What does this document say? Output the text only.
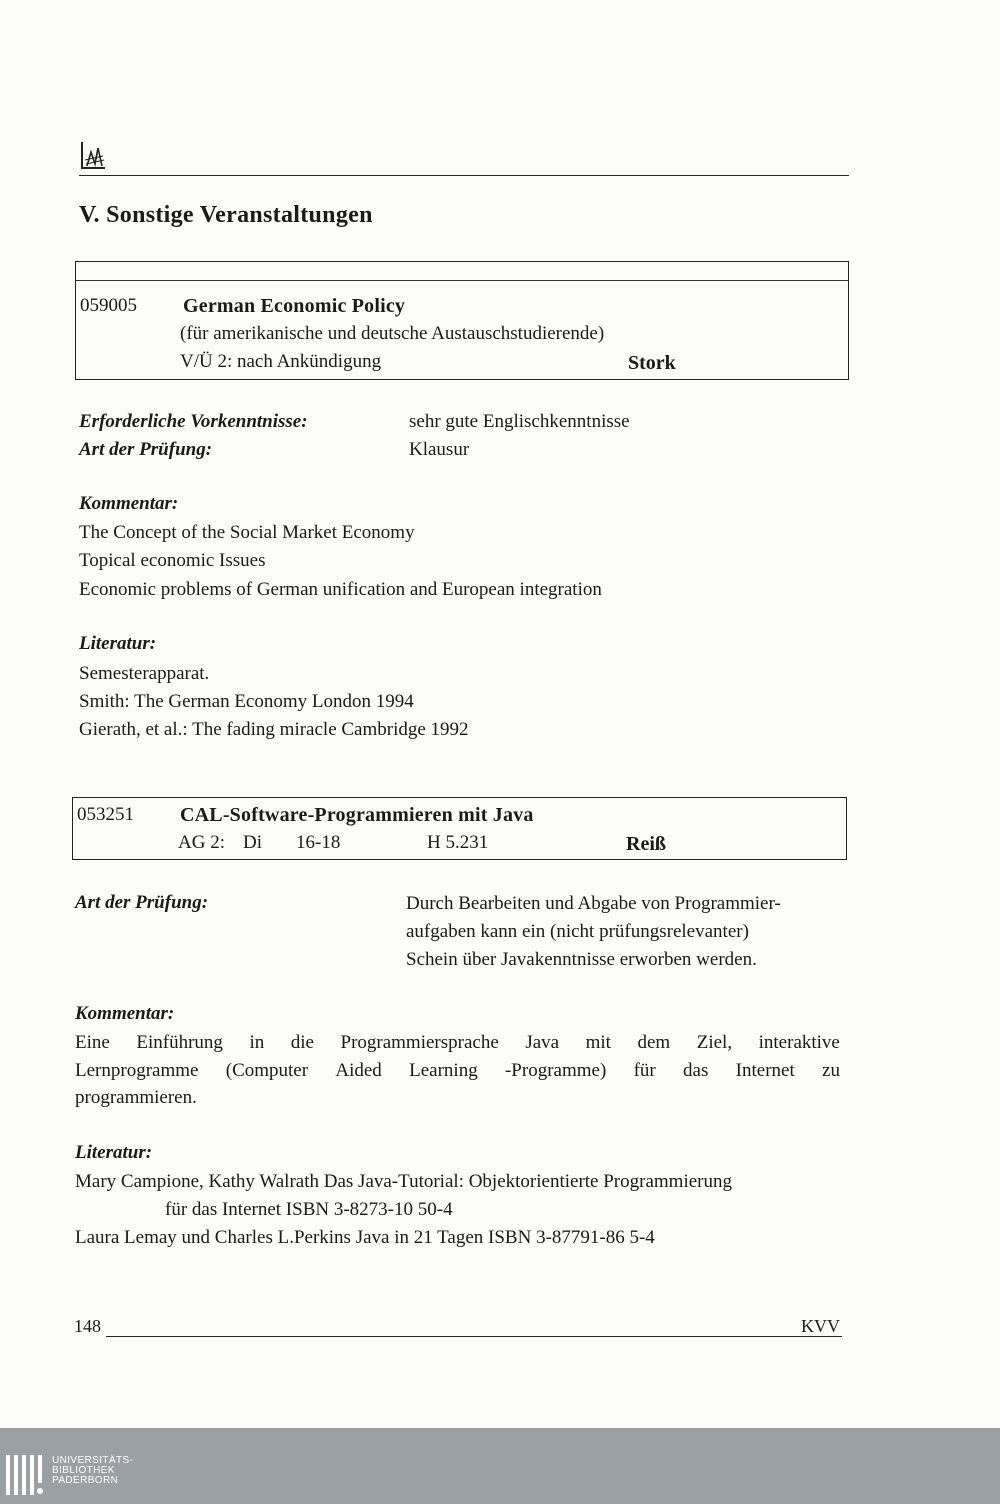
V. Sonstige Veranstaltungen
059005 German Economic Policy
(für amerikanische und deutsche Austauschstudierende)
V/Ü 2: nach Ankündigung	Stork
Erforderliche Vorkenntnisse:	sehr gute Englischkenntnisse
Art der Prüfung:	Klausur
Kommentar:
The Concept of the Social Market Economy
Topical economic Issues
Economic problems of German unification and European integration
Literatur:
Semesterapparat.
Smith: The German Economy London 1994
Gierath, et al.: The fading miracle Cambridge 1992
053251 CAL-Software-Programmieren mit Java
AG 2: Di 16-18	H 5.231	Reiß
Art der Prüfung:	Durch Bearbeiten und Abgabe von Programmier-
aufgaben kann ein (nicht prüfungsrelevanter)
Schein über Javakenntnisse erworben werden.
Kommentar:
Eine Einführung in die Programmiersprache Java mit dem Ziel, interaktive
Lernprogramme (Computer Aided Learning -Programme) für das Internet zu
programmieren.
Literatur:
Mary Campione, Kathy Walrath Das Java-Tutorial: Objektorientierte Programmierung
für das Internet ISBN 3-8273-10 50-4
Laura Lemay und Charles L.Perkins Java in 21 Tagen ISBN 3-87791-86 5-4
148	KVV
UNIVERSITÄTS-
BIBLIOTHEK
PADERBORN
